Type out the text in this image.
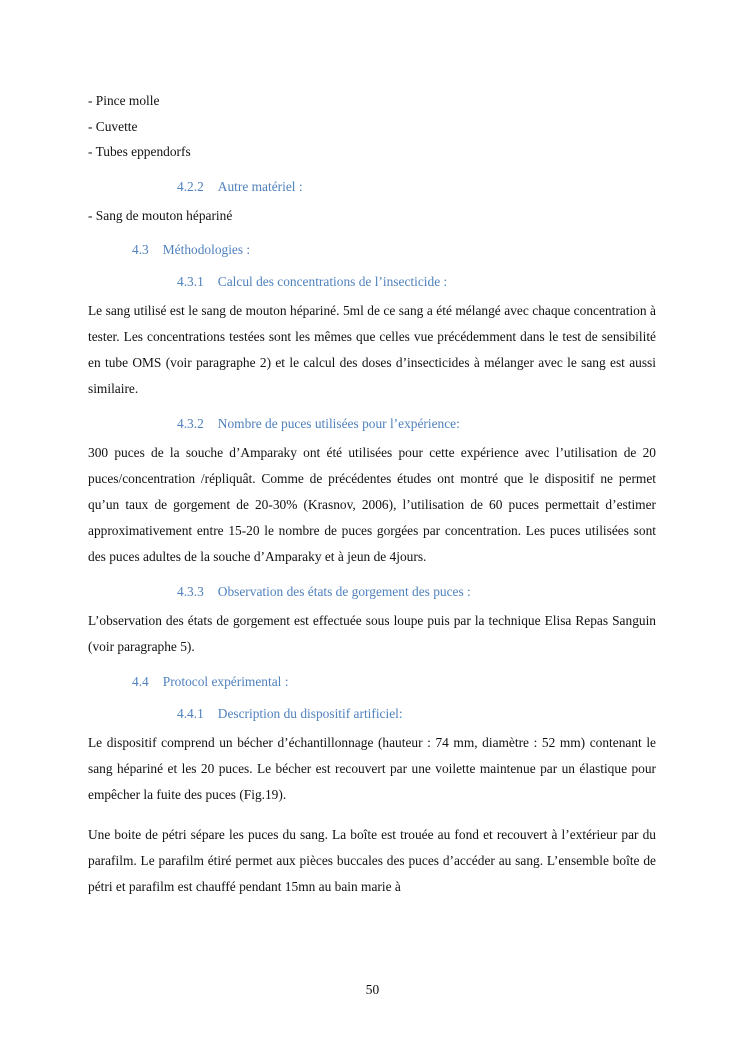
- Pince molle
- Cuvette
- Tubes eppendorfs
4.2.2 Autre matériel :
- Sang de mouton hépariné
4.3 Méthodologies :
4.3.1 Calcul des concentrations de l’insecticide :

Le sang utilisé est le sang de mouton hépariné. 5ml de ce sang a été mélangé avec chaque concentration à tester. Les concentrations testées sont les mêmes que celles vue précédemment dans le test de sensibilité en tube OMS (voir paragraphe 2) et le calcul des doses d’insecticides à mélanger avec le sang est aussi similaire.

4.3.2 Nombre de puces utilisées pour l’expérience:

300 puces de la souche d’Amparaky ont été utilisées pour cette expérience avec l’utilisation de 20 puces/concentration /répliquât. Comme de précédentes études ont montré que le dispositif ne permet qu’un taux de gorgement de 20-30% (Krasnov, 2006), l’utilisation de 60 puces permettait d’estimer approximativement entre 15-20 le nombre de puces gorgées par concentration. Les puces utilisées sont des puces adultes de la souche d’Amparaky et à jeun de 4jours.

4.3.3 Observation des états de gorgement des puces :

L’observation des états de gorgement est effectuée sous loupe puis par la technique Elisa Repas Sanguin (voir paragraphe 5).

4.4 Protocol expérimental :
4.4.1 Description du dispositif artificiel:

Le dispositif comprend un bécher d’échantillonnage (hauteur : 74 mm, diamètre : 52 mm) contenant le sang hépariné et les 20 puces. Le bécher est recouvert par une voilette maintenue par un élastique pour empêcher la fuite des puces (Fig.19).

Une boite de pétri sépare les puces du sang. La boîte est trouée au fond et recouvert à l’extérieur par du parafilm. Le parafilm étiré permet aux pièces buccales des puces d’accéder au sang. L’ensemble boîte de pétri et parafilm est chauffé pendant 15mn au bain marie à

50
